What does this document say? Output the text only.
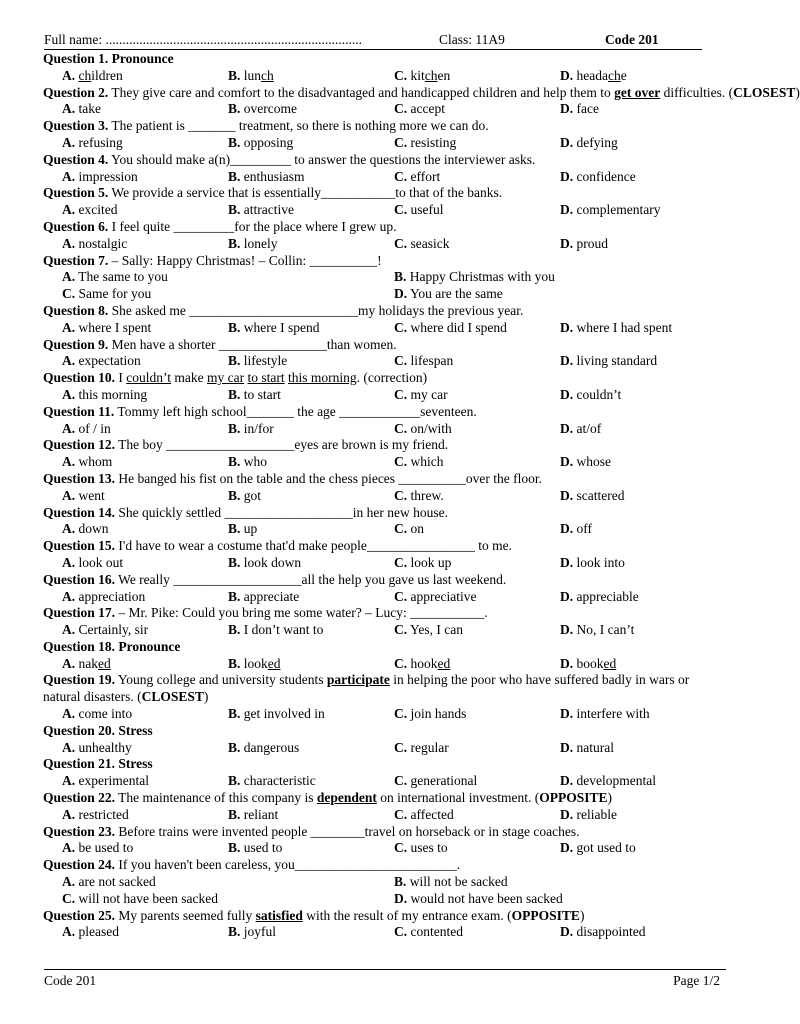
Full name: ............................................................................	Class: 11A9	Code 201
Question 1. Pronounce
A. children	B. lunch	C. kitchen	D. headache
Question 2. They give care and comfort to the disadvantaged and handicapped children and help them to get over difficulties. (CLOSEST)
A. take	B. overcome	C. accept	D. face
Question 3. The patient is _______ treatment, so there is nothing more we can do.
A. refusing	B. opposing	C. resisting	D. defying
Question 4. You should make a(n)_________ to answer the questions the interviewer asks.
A. impression	B. enthusiasm	C. effort	D. confidence
Question 5. We provide a service that is essentially___________to that of the banks.
A. excited	B. attractive	C. useful	D. complementary
Question 6. I feel quite _________for the place where I grew up.
A. nostalgic	B. lonely	C. seasick	D. proud
Question 7. – Sally: Happy Christmas! – Collin: __________!
A. The same to you	B. Happy Christmas with you
C. Same for you	D. You are the same
Question 8. She asked me _________________________my holidays the previous year.
A. where I spent	B. where I spend	C. where did I spend	D. where I had spent
Question 9. Men have a shorter ________________than women.
A. expectation	B. lifestyle	C. lifespan	D. living standard
Question 10. I couldn’t make my car to start this morning. (correction)
A. this morning	B. to start	C. my car	D. couldn’t
Question 11. Tommy left high school_______ the age ____________seventeen.
A. of / in	B. in/for	C. on/with	D. at/of
Question 12. The boy ___________________eyes are brown is my friend.
A. whom	B. who	C. which	D. whose
Question 13. He banged his fist on the table and the chess pieces __________over the floor.
A. went	B. got	C. threw.	D. scattered
Question 14. She quickly settled ___________________in her new house.
A. down	B. up	C. on	D. off
Question 15. I'd have to wear a costume that'd make people________________ to me.
A. look out	B. look down	C. look up	D. look into
Question 16. We really ___________________all the help you gave us last weekend.
A. appreciation	B. appreciate	C. appreciative	D. appreciable
Question 17. – Mr. Pike: Could you bring me some water? – Lucy: ___________.
A. Certainly, sir	B. I don’t want to	C. Yes, I can	D. No, I can’t
Question 18. Pronounce
A. naked	B. looked	C. hooked	D. booked
Question 19. Young college and university students participate in helping the poor who have suffered badly in wars or natural disasters. (CLOSEST)
A. come into	B. get involved in	C. join hands	D. interfere with
Question 20. Stress
A. unhealthy	B. dangerous	C. regular	D. natural
Question 21. Stress
A. experimental	B. characteristic	C. generational	D. developmental
Question 22. The maintenance of this company is dependent on international investment. (OPPOSITE)
A. restricted	B. reliant	C. affected	D. reliable
Question 23. Before trains were invented people ________travel on horseback or in stage coaches.
A. be used to	B. used to	C. uses to	D. got used to
Question 24. If you haven't been careless, you________________________.
A. are not sacked	B. will not be sacked
C. will not have been sacked	D. would not have been sacked
Question 25. My parents seemed fully satisfied with the result of my entrance exam. (OPPOSITE)
A. pleased	B. joyful	C. contented	D. disappointed
Code 201	Page 1/2
